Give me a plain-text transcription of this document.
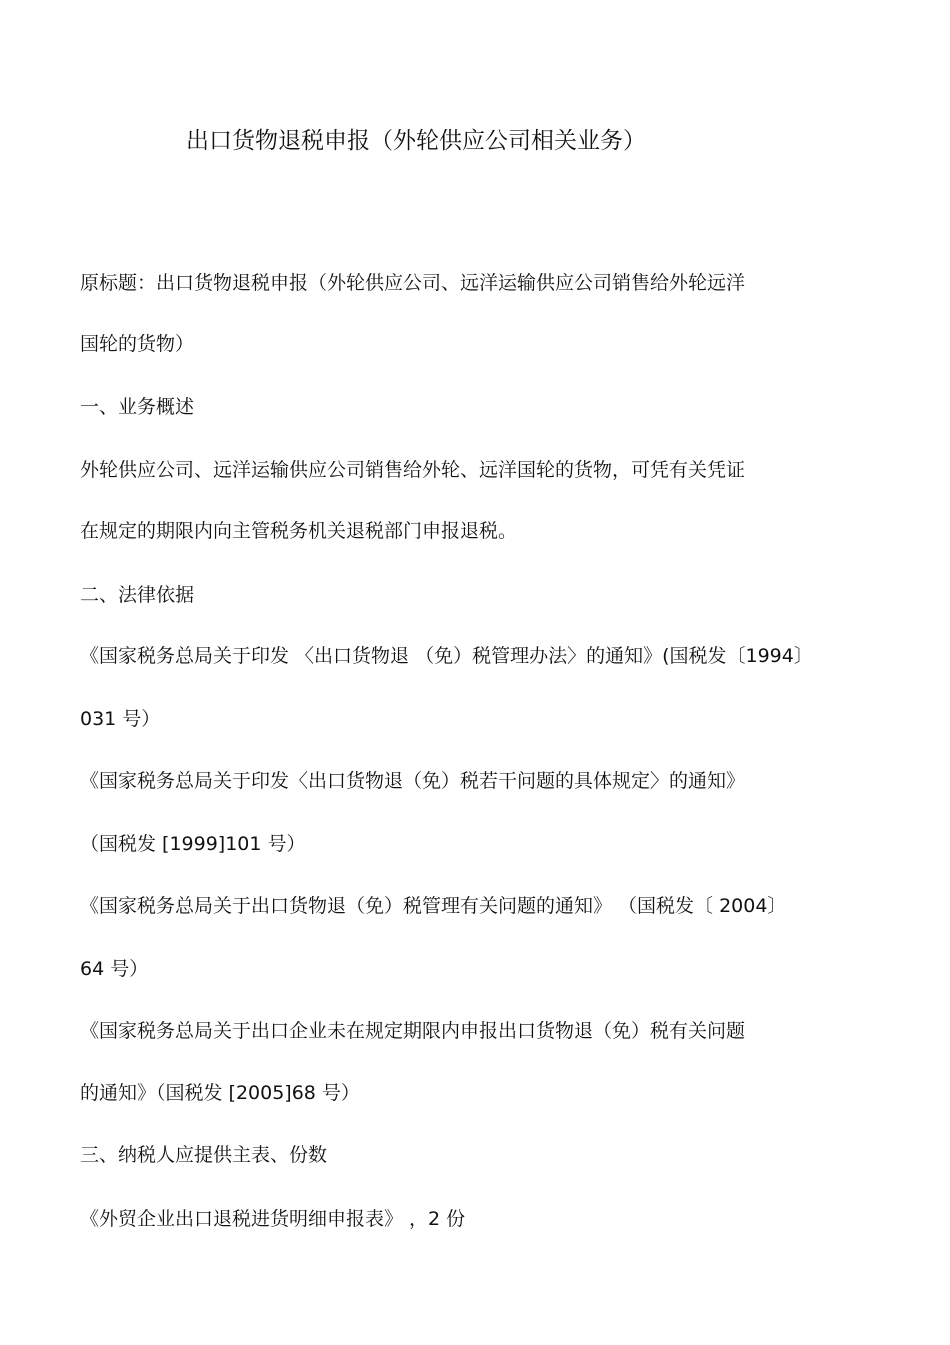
出口货物退税申报（外轮供应公司相关业务）
原标题：出口货物退税申报（外轮供应公司、远洋运输供应公司销售给外轮远洋
国轮的货物）
一、业务概述
外轮供应公司、远洋运输供应公司销售给外轮、远洋国轮的货物，可凭有关凭证
在规定的期限内向主管税务机关退税部门申报退税。
二、法律依据
《国家税务总局关于印发 〈出口货物退 （免）税管理办法〉的通知》(国税发〔1994〕
031 号）
《国家税务总局关于印发〈出口货物退（免）税若干问题的具体规定〉的通知》
（国税发 [1999]101 号）
《国家税务总局关于出口货物退（免）税管理有关问题的通知》 （国税发〔 2004〕
64 号）
《国家税务总局关于出口企业未在规定期限内申报出口货物退（免）税有关问题
的通知》（国税发 [2005]68 号）
三、纳税人应提供主表、份数
《外贸企业出口退税进货明细申报表》 ，2 份
